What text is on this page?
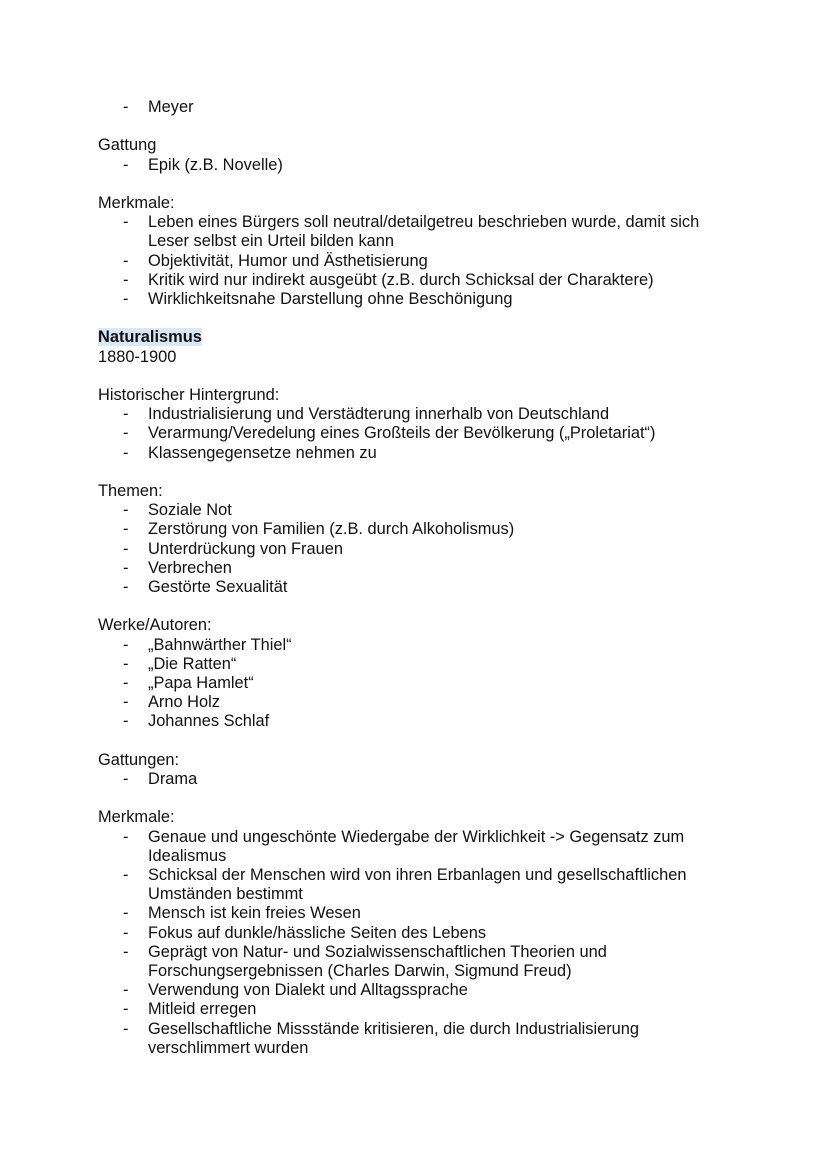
- Meyer

Gattung

- Epik (z.B. Novelle)

Merkmale:

- Leben eines Bürgers soll neutral/detailgetreu beschrieben wurde, damit sich Leser selbst ein Urteil bilden kann
- Objektivität, Humor und Ästhetisierung
- Kritik wird nur indirekt ausgeübt (z.B. durch Schicksal der Charaktere)
- Wirklichkeitsnahe Darstellung ohne Beschönigung

Naturalismus

1880-1900

Historischer Hintergrund:

- Industrialisierung und Verstädterung innerhalb von Deutschland
- Verarmung/Veredelung eines Großteils der Bevölkerung („Proletariat“)
- Klassengegensetze nehmen zu

Themen:

- Soziale Not
- Zerstörung von Familien (z.B. durch Alkoholismus)
- Unterdrückung von Frauen
- Verbrechen
- Gestörte Sexualität

Werke/Autoren:

- „Bahnwärther Thiel“
- „Die Ratten“
- „Papa Hamlet“
- Arno Holz
- Johannes Schlaf

Gattungen:

- Drama

Merkmale:

- Genaue und ungeschönte Wiedergabe der Wirklichkeit -> Gegensatz zum Idealismus
- Schicksal der Menschen wird von ihren Erbanlagen und gesellschaftlichen Umständen bestimmt
- Mensch ist kein freies Wesen
- Fokus auf dunkle/hässliche Seiten des Lebens
- Geprägt von Natur- und Sozialwissenschaftlichen Theorien und Forschungsergebnissen (Charles Darwin, Sigmund Freud)
- Verwendung von Dialekt und Alltagssprache
- Mitleid erregen
- Gesellschaftliche Missstände kritisieren, die durch Industrialisierung verschlimmert wurden
